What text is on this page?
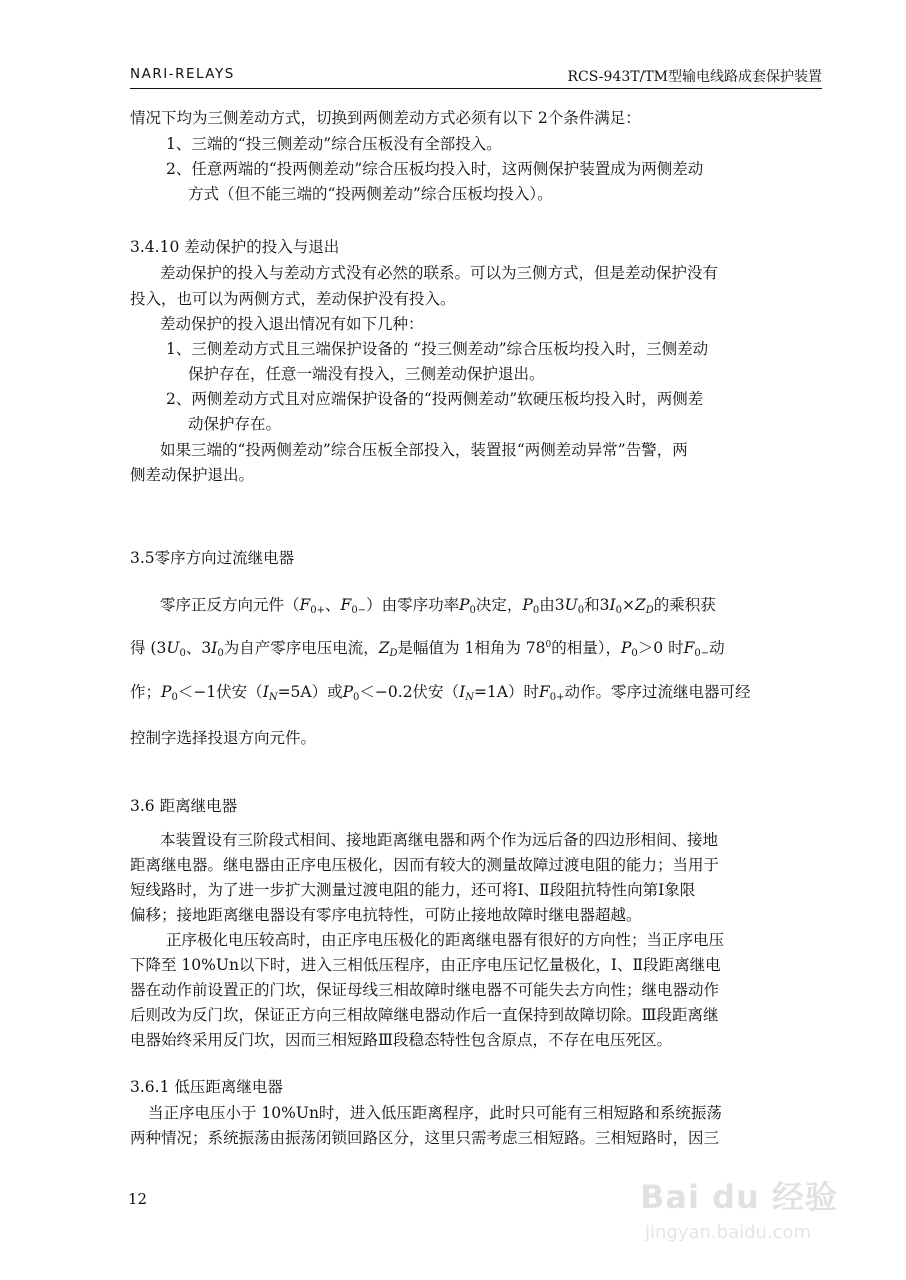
NARI-RELAYS	RCS-943T/TM型输电线路成套保护装置
情况下均为三侧差动方式，切换到两侧差动方式必须有以下 2个条件满足：
1、三端的“投三侧差动”综合压板没有全部投入。
2、任意两端的“投两侧差动”综合压板均投入时，这两侧保护装置成为两侧差动
方式（但不能三端的“投两侧差动”综合压板均投入）。
3.4.10 差动保护的投入与退出
差动保护的投入与差动方式没有必然的联系。可以为三侧方式，但是差动保护没有
投入，也可以为两侧方式，差动保护没有投入。
差动保护的投入退出情况有如下几种：
1、三侧差动方式且三端保护设备的 “投三侧差动”综合压板均投入时，三侧差动
保护存在，任意一端没有投入，三侧差动保护退出。
2、两侧差动方式且对应端保护设备的“投两侧差动”软硬压板均投入时，两侧差
动保护存在。
如果三端的“投两侧差动”综合压板全部投入，装置报“两侧差动异常”告警，两
侧差动保护退出。
3.5零序方向过流继电器
零序正反方向元件（$F_{0+}$、$F_{0-}$）由零序功率$P_0$决定，$P_0$由$3U_0$和$3I_0\times Z_D$的乘积获
得 ($3U_0$、$3I_0$为自产零序电压电流，$Z_D$是幅值为 1相角为 $78^0$的相量），$P_0>0$ 时$F_{0-}$动
作；$P_0<-1$伏安$(I_N=5A)$或$P_0<-0.2$伏安$(I_N=1A)$时$F_{0+}$动作。零序过流继电器可经
控制字选择投退方向元件。
3.6 距离继电器
本装置设有三阶段式相间、接地距离继电器和两个作为远后备的四边形相间、接地
距离继电器。继电器由正序电压极化，因而有较大的测量故障过渡电阻的能力；当用于
短线路时，为了进一步扩大测量过渡电阻的能力，还可将Ⅰ、Ⅱ段阻抗特性向第Ⅰ象限
偏移；接地距离继电器设有零序电抗特性，可防止接地故障时继电器超越。
正序极化电压较高时，由正序电压极化的距离继电器有很好的方向性；当正序电压
下降至 10%Un以下时，进入三相低压程序，由正序电压记忆量极化，Ⅰ、Ⅱ段距离继电
器在动作前设置正的门坎，保证母线三相故障时继电器不可能失去方向性；继电器动作
后则改为反门坎，保证正方向三相故障继电器动作后一直保持到故障切除。Ⅲ段距离继
电器始终采用反门坎，因而三相短路Ⅲ段稳态特性包含原点，不存在电压死区。
3.6.1 低压距离继电器
当正序电压小于 10%Un时，进入低压距离程序，此时只可能有三相短路和系统振荡
两种情况；系统振荡由振荡闭锁回路区分，这里只需考虑三相短路。三相短路时，因三
12	Bai du 经验
jingyan.baidu.com
